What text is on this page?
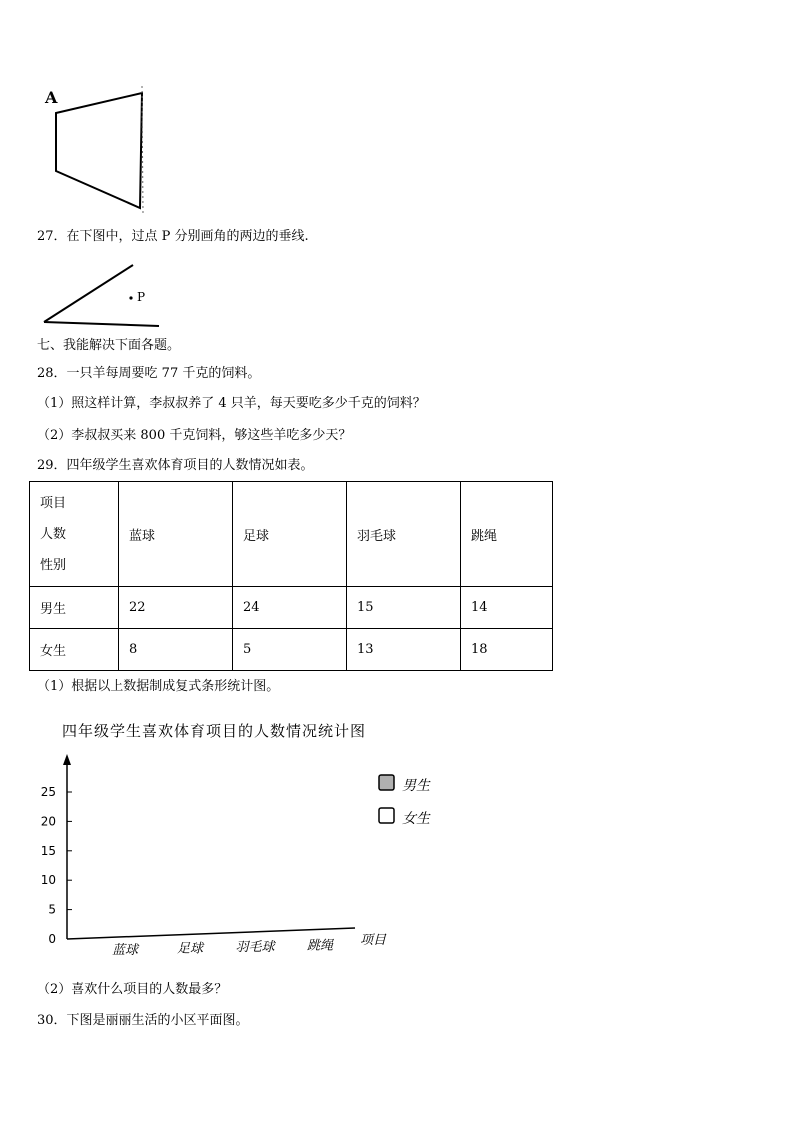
A
27．在下图中，过点 P 分别画角的两边的垂线.
P
七、我能解决下面各题。
28．一只羊每周要吃 77 千克的饲料。
（1）照这样计算，李叔叔养了 4 只羊，每天要吃多少千克的饲料？
（2）李叔叔买来 800 千克饲料，够这些羊吃多少天？
29．四年级学生喜欢体育项目的人数情况如表。
项目
人数
性别	蓝球	足球	羽毛球	跳绳
男生	22	24	15	14
女生	8	5	13	18
（1）根据以上数据制成复式条形统计图。
四年级学生喜欢体育项目的人数情况统计图
0
5
10
15
20
25
蓝球	足球 羽毛球 跳绳
男生
女生
项目
（2）喜欢什么项目的人数最多？
30．下图是丽丽生活的小区平面图。
